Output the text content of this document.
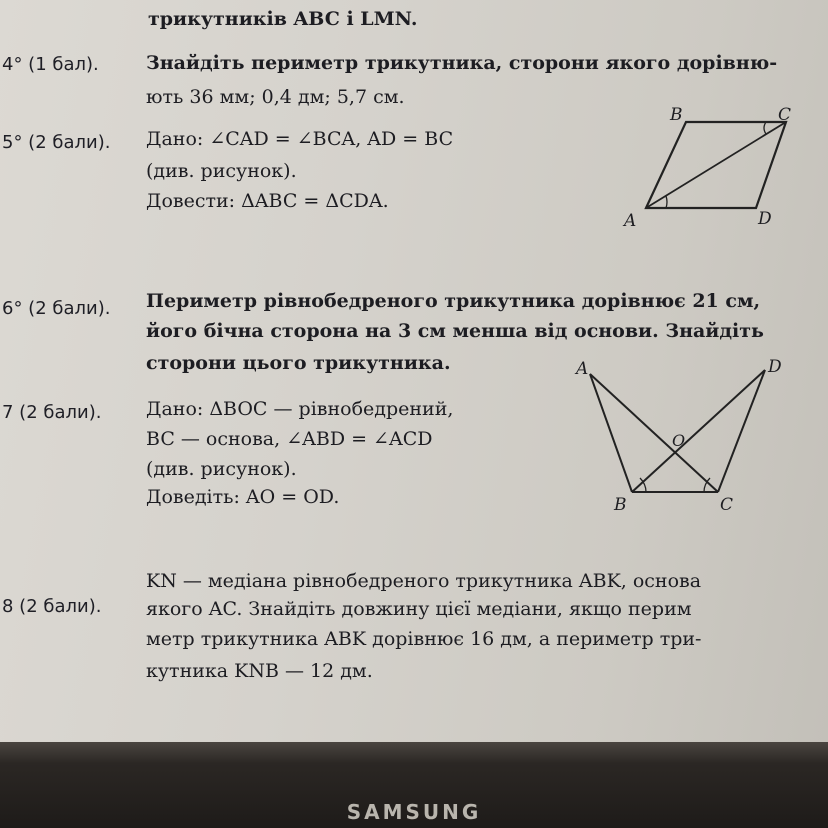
трикутників ABC і LMN.
4° (1 бал). Знайдіть периметр трикутника, сторони якого дорівню-
ють 36 мм; 0,4 дм; 5,7 см.
5° (2 бали). Дано: ∠CAD = ∠BCA, AD = BC
(див. рисунок).
Довести: ΔABC = ΔCDA.
B	C
A	D
6° (2 бали). Периметр рівнобедреного трикутника дорівнює 21 см,
його бічна сторона на 3 см менша від основи. Знайдіть
сторони цього трикутника.
7 (2 бали). Дано: ΔBOC — рівнобедрений,
BC — основа, ∠ABD = ∠ACD
(див. рисунок).
Доведіть: AO = OD.
A	D
O
B	C
8 (2 бали).
KN — медіана рівнобедреного трикутника ABK, основа
якого AC. Знайдіть довжину цієї медіани, якщо перим
метр трикутника ABK дорівнює 16 дм, а периметр три-
кутника KNB — 12 дм.
SAMSUNG
